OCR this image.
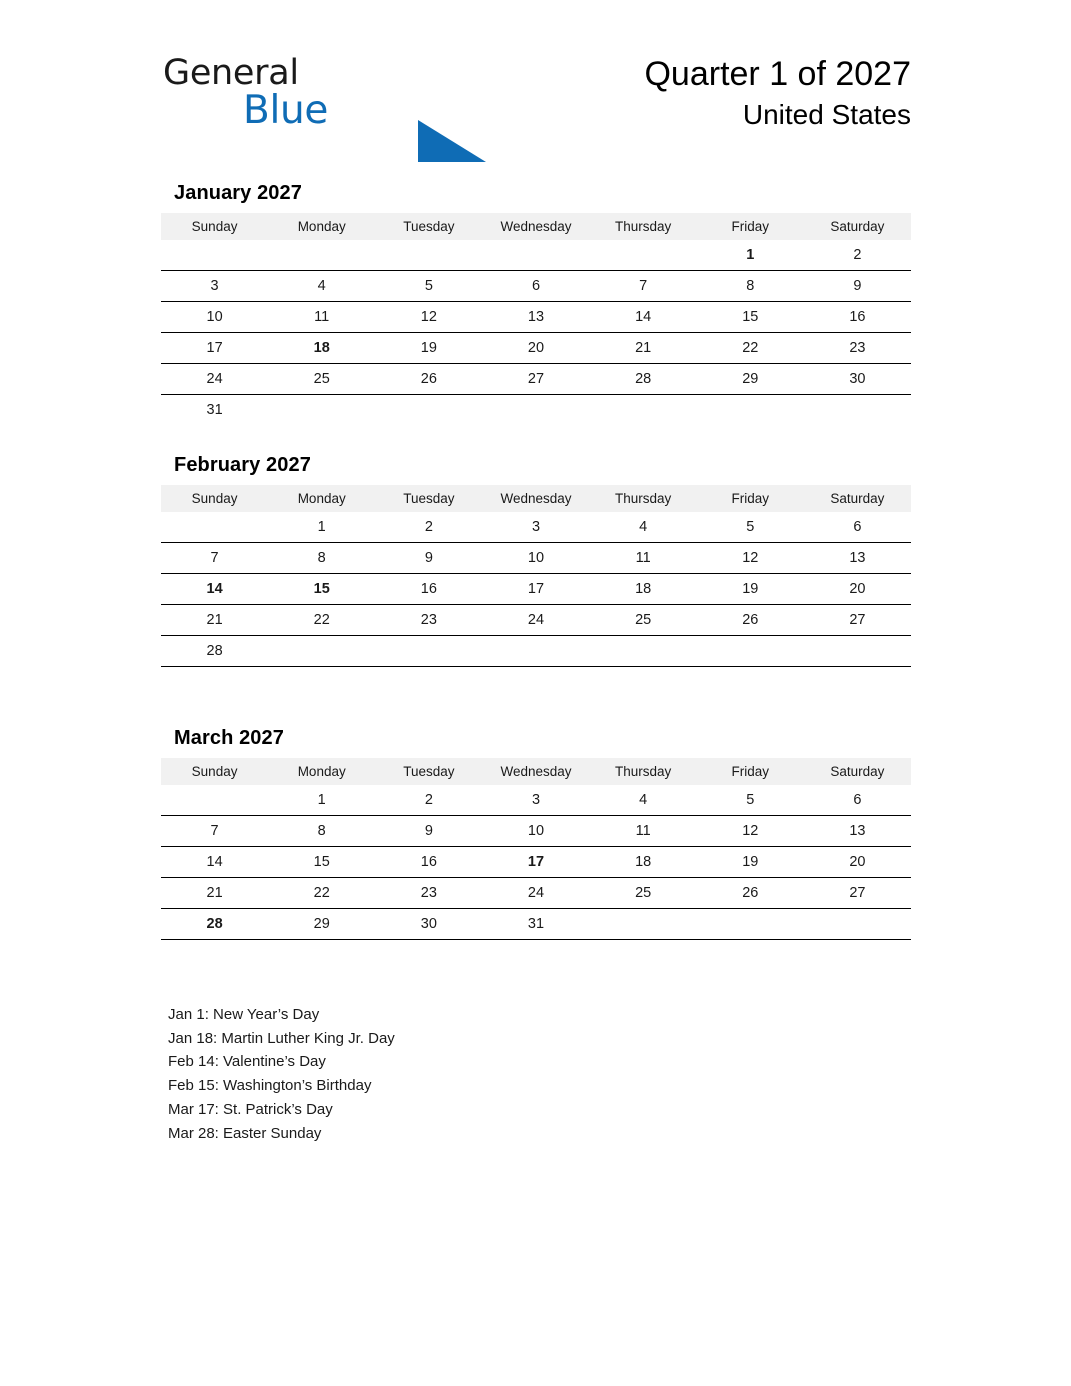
General
Blue
Quarter 1 of 2027
United States
January 2027
Sunday	Monday	Tuesday	Wednesday	Thursday	Friday	Saturday
					1	2
3	4	5	6	7	8	9
10	11	12	13	14	15	16
17	18	19	20	21	22	23
24	25	26	27	28	29	30
31						
February 2027
Sunday	Monday	Tuesday	Wednesday	Thursday	Friday	Saturday
	1	2	3	4	5	6
7	8	9	10	11	12	13
14	15	16	17	18	19	20
21	22	23	24	25	26	27
28						
March 2027
Sunday	Monday	Tuesday	Wednesday	Thursday	Friday	Saturday
	1	2	3	4	5	6
7	8	9	10	11	12	13
14	15	16	17	18	19	20
21	22	23	24	25	26	27
28	29	30	31			
Jan 1: New Year’s Day
Jan 18: Martin Luther King Jr. Day
Feb 14: Valentine’s Day
Feb 15: Washington’s Birthday
Mar 17: St. Patrick’s Day
Mar 28: Easter Sunday
